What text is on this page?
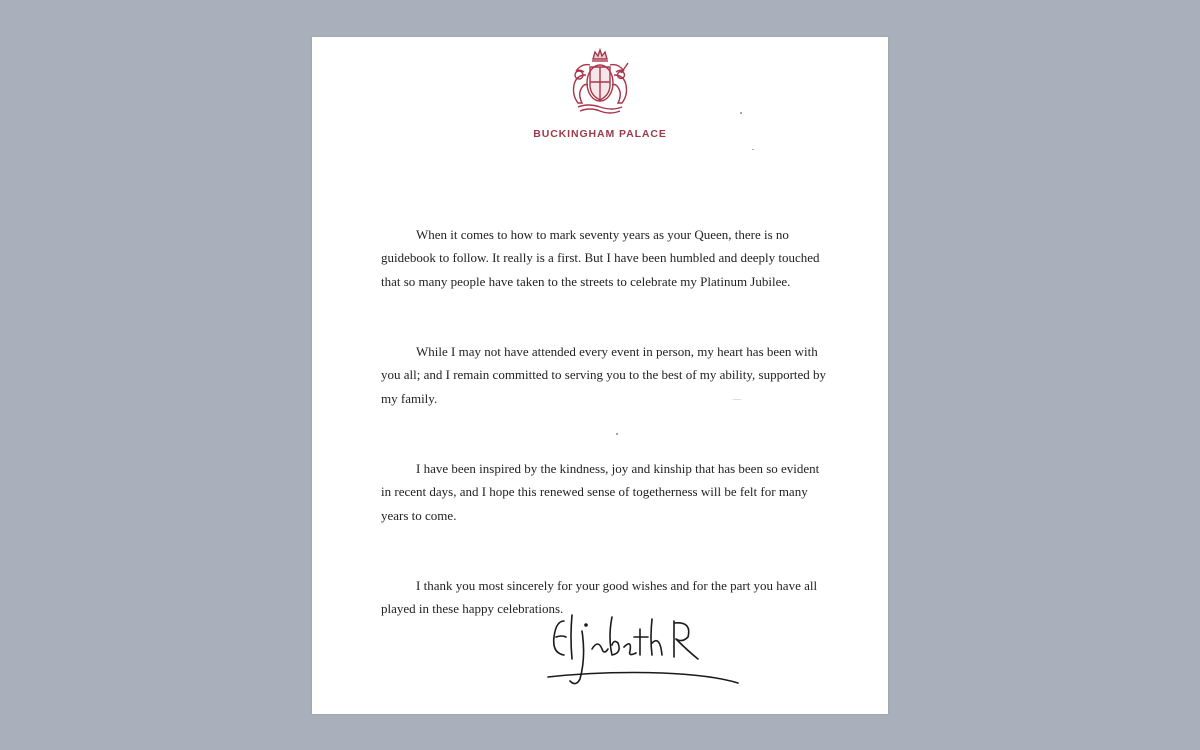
BUCKINGHAM PALACE

When it comes to how to mark seventy years as your Queen, there is no guidebook to follow. It really is a first. But I have been humbled and deeply touched that so many people have taken to the streets to celebrate my Platinum Jubilee.

While I may not have attended every event in person, my heart has been with you all; and I remain committed to serving you to the best of my ability, supported by my family.

I have been inspired by the kindness, joy and kinship that has been so evident in recent days, and I hope this renewed sense of togetherness will be felt for many years to come.

I thank you most sincerely for your good wishes and for the part you have all played in these happy celebrations.
